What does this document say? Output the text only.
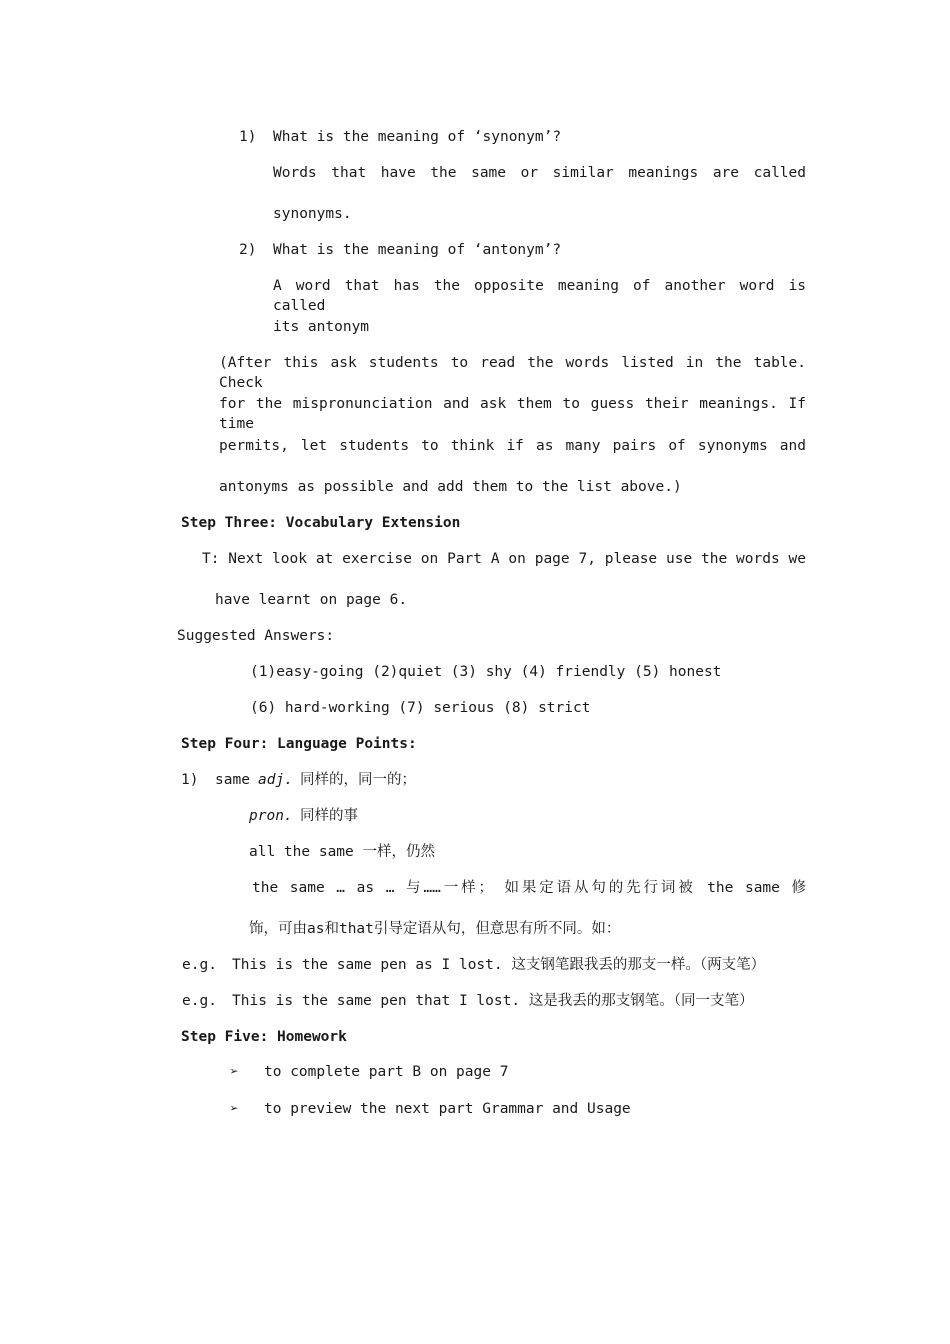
1) What is the meaning of ‘synonym’?
Words that have the same or similar meanings are called
synonyms.
2) What is the meaning of ‘antonym’?
A word that has the opposite meaning of another word is called
its antonym
(After this ask students to read the words listed in the table. Check
for the mispronunciation and ask them to guess their meanings. If time
permits, let students to think if as many pairs of synonyms and
antonyms as possible and add them to the list above.)
Step Three: Vocabulary Extension
T: Next look at exercise on Part A on page 7, please use the words we
have learnt on page 6.
Suggested Answers:
(1)easy-going (2)quiet (3) shy (4) friendly (5) honest
(6) hard-working (7) serious (8) strict
Step Four: Language Points:
1) same adj. 同样的，同一的；
pron. 同样的事
all the same 一样，仍然
the same … as … 与……一样； 如果定语从句的先行词被 the same 修
饰，可由as和that引导定语从句，但意思有所不同。如：
e.g. This is the same pen as I lost. 这支钢笔跟我丢的那支一样。（两支笔）
e.g. This is the same pen that I lost. 这是我丢的那支钢笔。（同一支笔）
Step Five: Homework
➢ to complete part B on page 7
➢ to preview the next part Grammar and Usage
